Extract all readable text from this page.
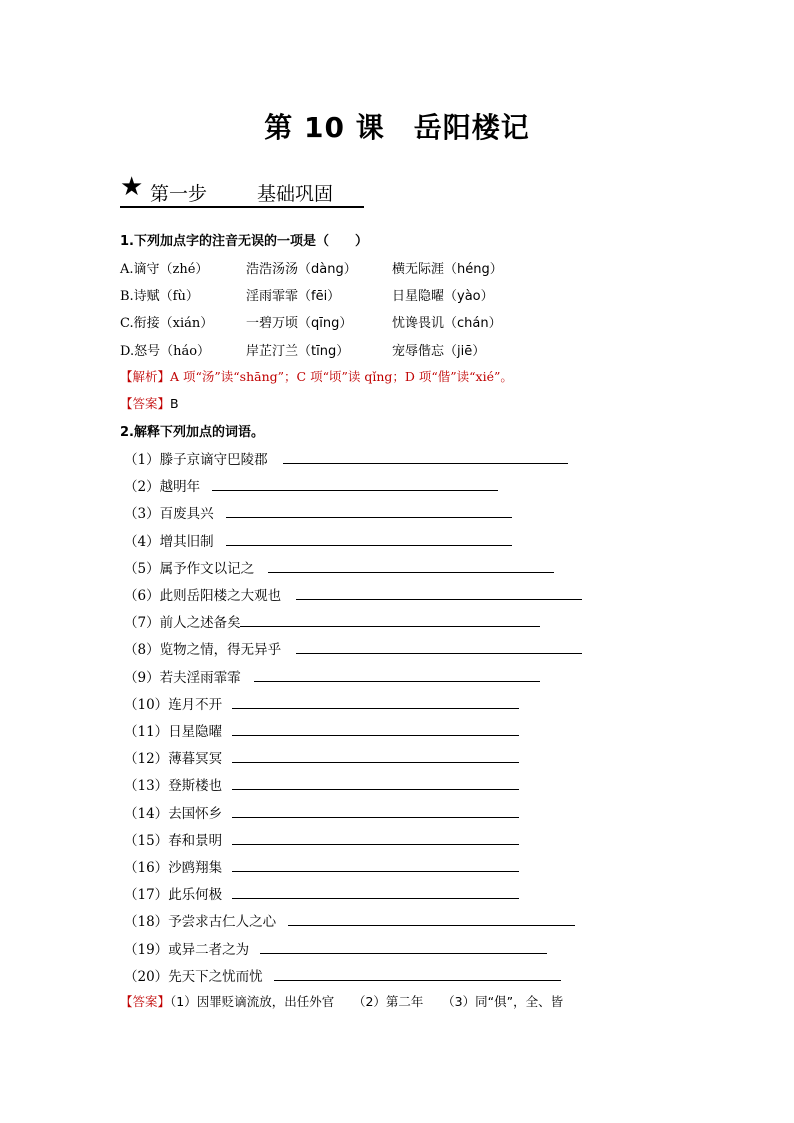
第 10 课　岳阳楼记
★ 第一步	基础巩固
1.下列加点字的注音无误的一项是（　　）
A.谪守（zhé）	浩浩汤汤（dàng）	横无际涯（héng）
B.诗赋（fù）	淫雨霏霏（fēi）	日星隐曜（yào）
C.衔接（xián）	一碧万顷（qīng）	忧谗畏讥（chán）
D.怒号（háo）	岸芷汀兰（tīng）	宠辱偕忘（jiē）
【解析】A 项“汤”读“shāng”；C 项“顷”读 qǐng；D 项“偕”读“xié”。
【答案】B
2.解释下列加点的词语。
（1）滕子京谪守巴陵郡
（2）越明年
（3）百废具兴
（4）增其旧制
（5）属予作文以记之
（6）此则岳阳楼之大观也
（7）前人之述备矣
（8）览物之情，得无异乎
（9）若夫淫雨霏霏
（10）连月不开
（11）日星隐曜
（12）薄暮冥冥
（13）登斯楼也
（14）去国怀乡
（15）春和景明
（16）沙鸥翔集
（17）此乐何极
（18）予尝求古仁人之心
（19）或异二者之为
（20）先天下之忧而忧
【答案】（1）因罪贬谪流放，出任外官　　（2）第二年　　（3）同“俱”，全、皆
